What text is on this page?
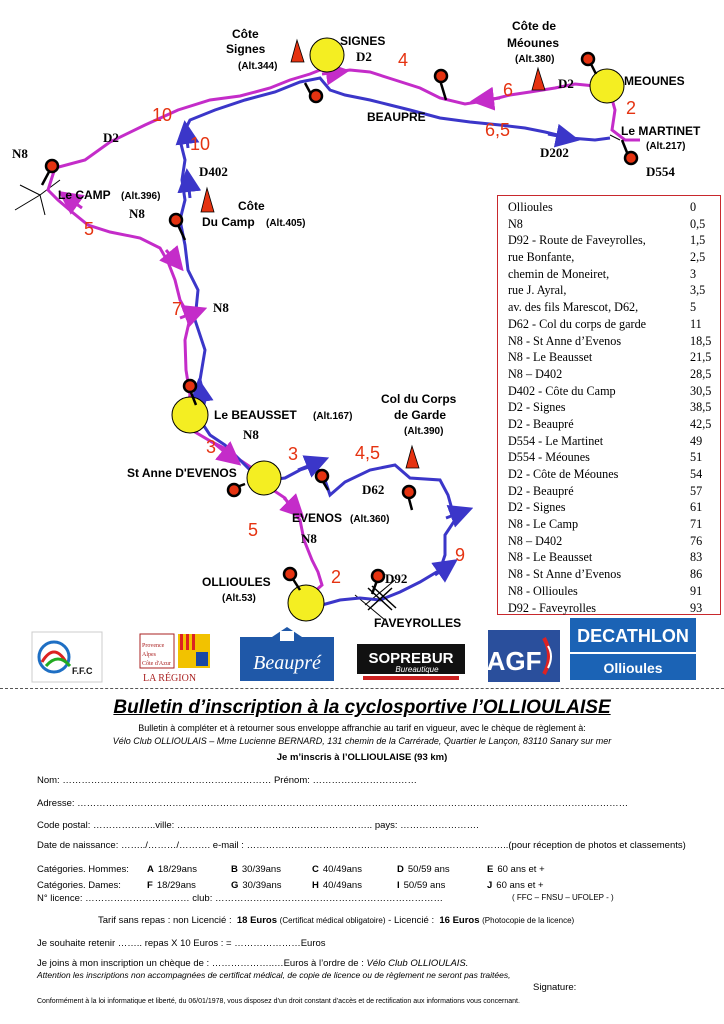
Côte
Signes
(Alt.344)
SIGNES
Côte de
Méounes
(Alt.380)
MEOUNES
BEAUPRE
Le MARTINET
(Alt.217)
Le CAMP (Alt.396)
Côte
Du Camp (Alt.405)
Le BEAUSSET (Alt.167)
Col du Corps
de Garde
(Alt.390)
St Anne D'EVENOS
EVENOS (Alt.360)
OLLIOULES
(Alt.53)
FAVEYROLLES
D2
D2
D2
N8
N8
N8
N8
N8
D402
D202
D554
D62
D92
4
6
2
6,5
10
10
5
7
3	3	4,5
5
9
2
Ollioules	0
N8	0,5
D92 - Route de Faveyrolles,	1,5
rue Bonfante,	2,5
chemin de Moneiret,	3
rue J. Ayral,	3,5
av. des fils Marescot, D62,	5
D62 - Col du corps de garde	11
N8 - St Anne d’Evenos	18,5
N8 - Le Beausset	21,5
N8 – D402	28,5
D402 - Côte du Camp	30,5
D2 - Signes	38,5
D2 - Beaupré	42,5
D554 - Le Martinet	49
D554 - Méounes	51
D2 - Côte de Méounes	54
D2 - Beaupré	57
D2 - Signes	61
N8 - Le Camp	71
N8 – D402	76
N8 - Le Beausset	83
N8 - St Anne d’Evenos	86
N8 - Ollioules	91
D92 - Faveyrolles	93
F.F.C
Provence
Alpes
Côte d'Azur
LA RÉGION
Beaupré	SOPREBUR
Bureautique AGF
DECATHLON
Ollioules
Bulletin d’inscription à la cyclosportive l’OLLIOULAISE
Bulletin à compléter et à retourner sous enveloppe affranchie au tarif en vigueur, avec le chèque de règlement à:
Vélo Club OLLIOULAIS – Mme Lucienne BERNARD, 131 chemin de la Carrérade, Quartier le Lançon, 83110 Sanary sur mer
Je m’inscris à l’OLLIOULAISE (93 km)
Nom: ………………………………………………………… Prénom: ……………………………
Adresse: …………………………………………………………………………………………………………………………………………………………
Code postal: ………………..ville: …………………………………………………….. pays: …………………….
Date de naissance: ……../………/………. e-mail : ………………………………………………………………………..(pour réception de photos et classements)
Catégories. Hommes:
Catégories. Dames:
A 18/29ans	B 30/39ans	C 40/49ans	D 50/59 ans	E 60 ans et +
F 18/29ans	G 30/39ans	H 40/49ans	I 50/59 ans	J 60 ans et +
N° licence: …………………………… club: ………………………………………………………………	( FFC – FNSU – UFOLEP - )
Tarif sans repas : non Licencié : 18 Euros (Certificat médical obligatoire) - Licencié : 16 Euros (Photocopie de la licence)
Je souhaite retenir …….. repas X 10 Euros : = …………………Euros
Je joins à mon inscription un chèque de : ………………..…Euros à l’ordre de : Vélo Club OLLIOULAIS.
Attention les inscriptions non accompagnées de certificat médical, de copie de licence ou de règlement ne seront pas traitées,
Signature:
Conformément à la loi informatique et liberté, du 06/01/1978, vous disposez d’un droit constant d’accès et de rectification aux informations vous concernant.
